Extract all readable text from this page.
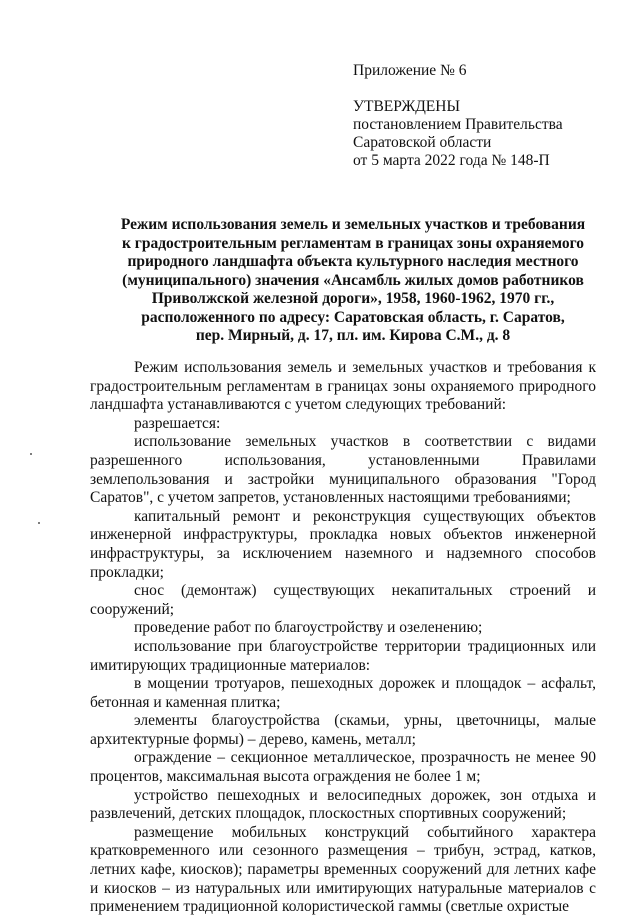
Приложение № 6
УТВЕРЖДЕНЫ
постановлением Правительства
Саратовской области
от 5 марта 2022 года № 148-П
Режим использования земель и земельных участков и требования
к градостроительным регламентам в границах зоны охраняемого
природного ландшафта объекта культурного наследия местного
(муниципального) значения «Ансамбль жилых домов работников
Приволжской железной дороги», 1958, 1960-1962, 1970 гг.,
расположенного по адресу: Саратовская область, г. Саратов,
пер. Мирный, д. 17, пл. им. Кирова С.М., д. 8

Режим использования земель и земельных участков и требования к градостроительным регламентам в границах зоны охраняемого природного ландшафта устанавливаются с учетом следующих требований:

разрешается:

использование земельных участков в соответствии с видами разрешенного использования, установленными Правилами землепользования и застройки муниципального образования "Город Саратов", с учетом запретов, установленных настоящими требованиями;

капитальный ремонт и реконструкция существующих объектов инженерной инфраструктуры, прокладка новых объектов инженерной инфраструктуры, за исключением наземного и надземного способов прокладки;

снос (демонтаж) существующих некапитальных строений и сооружений;

проведение работ по благоустройству и озеленению;

использование при благоустройстве территории традиционных или имитирующих традиционные материалов:

в мощении тротуаров, пешеходных дорожек и площадок – асфальт, бетонная и каменная плитка;

элементы благоустройства (скамьи, урны, цветочницы, малые архитектурные формы) – дерево, камень, металл;

ограждение – секционное металлическое, прозрачность не менее 90 процентов, максимальная высота ограждения не более 1 м;

устройство пешеходных и велосипедных дорожек, зон отдыха и развлечений, детских площадок, плоскостных спортивных сооружений;

размещение мобильных конструкций событийного характера кратковременного или сезонного размещения – трибун, эстрад, катков, летних кафе, киосков); параметры временных сооружений для летних кафе и киосков – из натуральных или имитирующих натуральные материалов с применением традиционной колористической гаммы (светлые охристые
